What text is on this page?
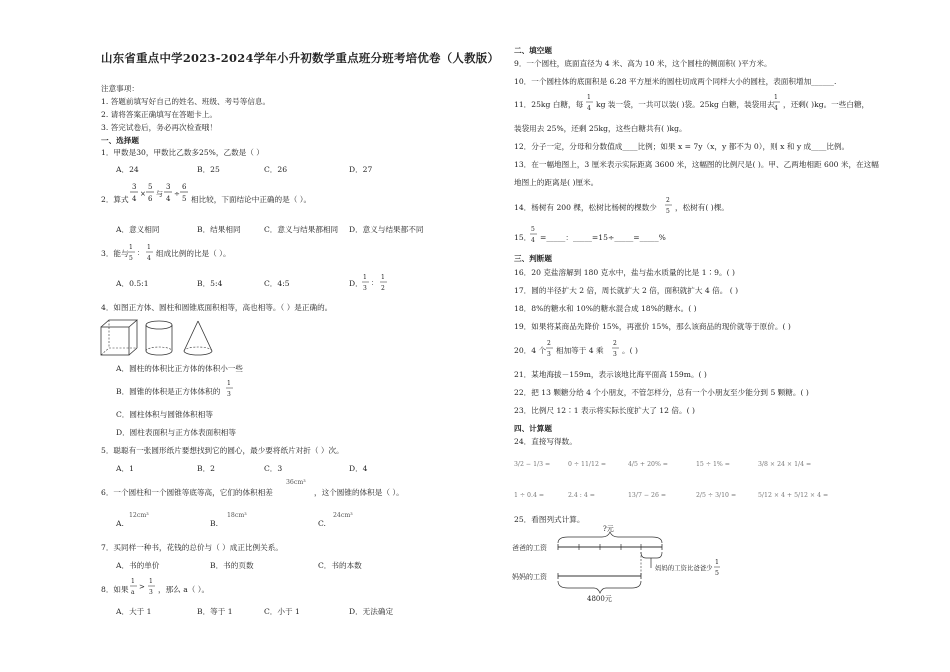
山东省重点中学2023-2024学年小升初数学重点班分班考培优卷（人教版）
注意事项：
1. 答题前填写好自己的姓名、班级、考号等信息。
2. 请将答案正确填写在答题卡上。
3. 答完试卷后，务必再次检查哦！
一、选择题
1．甲数是30，甲数比乙数多25%，乙数是（ ）
A．24	B．25	C．26	D．27
2．算式
3
4
×
5
6
与
3
4
÷
6
5 相比较，下面结论中正确的是（ ）。
A．意义相同	B．结果相同	C．意义与结果都相同 D．意义与结果都不同
3．能与
1
5
：
1
4
组成比例的比是（ ）。
A．0.5:1	B．5:4	C．4:5	D．
1
3
：
1
2
4．如图正方体、圆柱和圆锥底面积相等，高也相等。（ ）是正确的。
A．圆柱的体积比正方体的体积小一些
B．圆锥的体积是正方体体积的
1
3
C．圆柱体积与圆锥体积相等
D．圆柱表面积与正方体表面积相等
5．聪聪有一张圆形纸片要想找到它的圆心，最少要将纸片对折（ ）次。
A．1	B．2	C．3	D．4
6．一个圆柱和一个圆锥等底等高，它们的体积相差
36cm³
，这个圆锥的体积是（ ）。
12cm³	18cm³	24cm³
A.	B.	C.
7．买同样一种书，花钱的总价与（ ）成正比例关系。
A．书的单价	B．书的页数	C．书的本数
8．如果
1
a
>
1
3 ，那么 a（ ）。
A．大于 1	B．等于 1	C．小于 1	D．无法确定
二、填空题
9．一个圆柱，底面直径为 4 米、高为 10 米，这个圆柱的侧面积( )平方米。
10．一个圆柱体的底面积是 6.28 平方厘米的圆柱切成两个同样大小的圆柱，表面积增加______.
11．25kg 白糖，每
1
4 kg 装一袋，一共可以装( )袋。25kg 白糖，装袋用去
1
4 ，还剩( )kg。一些白糖，
装袋用去 25%，还剩 25kg，这些白糖共有( )kg。
12．分子一定，分母和分数值成____比例；如果 x = 7y（x，y 都不为 0），则 x 和 y 成____比例。
13．在一幅地图上，3 厘米表示实际距离 3600 米，这幅图的比例尺是( )。甲、乙两地相距 600 米，在这幅
地图上的距离是( )厘米。
14．杨树有 200 棵，松树比杨树的棵数少
2
5 ，松树有( )棵。
15．
5
4 =_____：_____=15÷_____=_____%
三、判断题
16．20 克盐溶解到 180 克水中，盐与盐水质量的比是 1∶9。( )
17．圆的半径扩大 2 倍，周长就扩大 2 倍，面积就扩大 4 倍。 ( )
18．8%的糖水和 10%的糖水混合成 18%的糖水。( )
19．如果将某商品先降价 15%，再涨价 15%，那么该商品的现价就等于原价。( )
20．4 个
2
3 相加等于 4 乘
2
3 。( )
21．某地海拔－159m，表示该地比海平面高 159m。( )
22．把 13 颗糖分给 4 个小朋友，不管怎样分，总有一个小朋友至少能分到 5 颗糖。( )
23．比例尺 12∶1 表示将实际长度扩大了 12 倍。( )
四、计算题
24．直接写得数。
3/2 − 1/3 =	0 ÷ 11/12 =	4/5 + 20% =	15 ÷ 1% =	3/8 × 24 × 1/4 =
1 ÷ 0.4 =	2.4 : 4 =	13/7 − 26 =	2/5 ÷ 3/10 =	5/12 × 4 + 5/12 × 4 =
25．看图列式计算。
?元
爸爸的工资
妈妈的工资比爸爸少
1
5
妈妈的工资
4800元
